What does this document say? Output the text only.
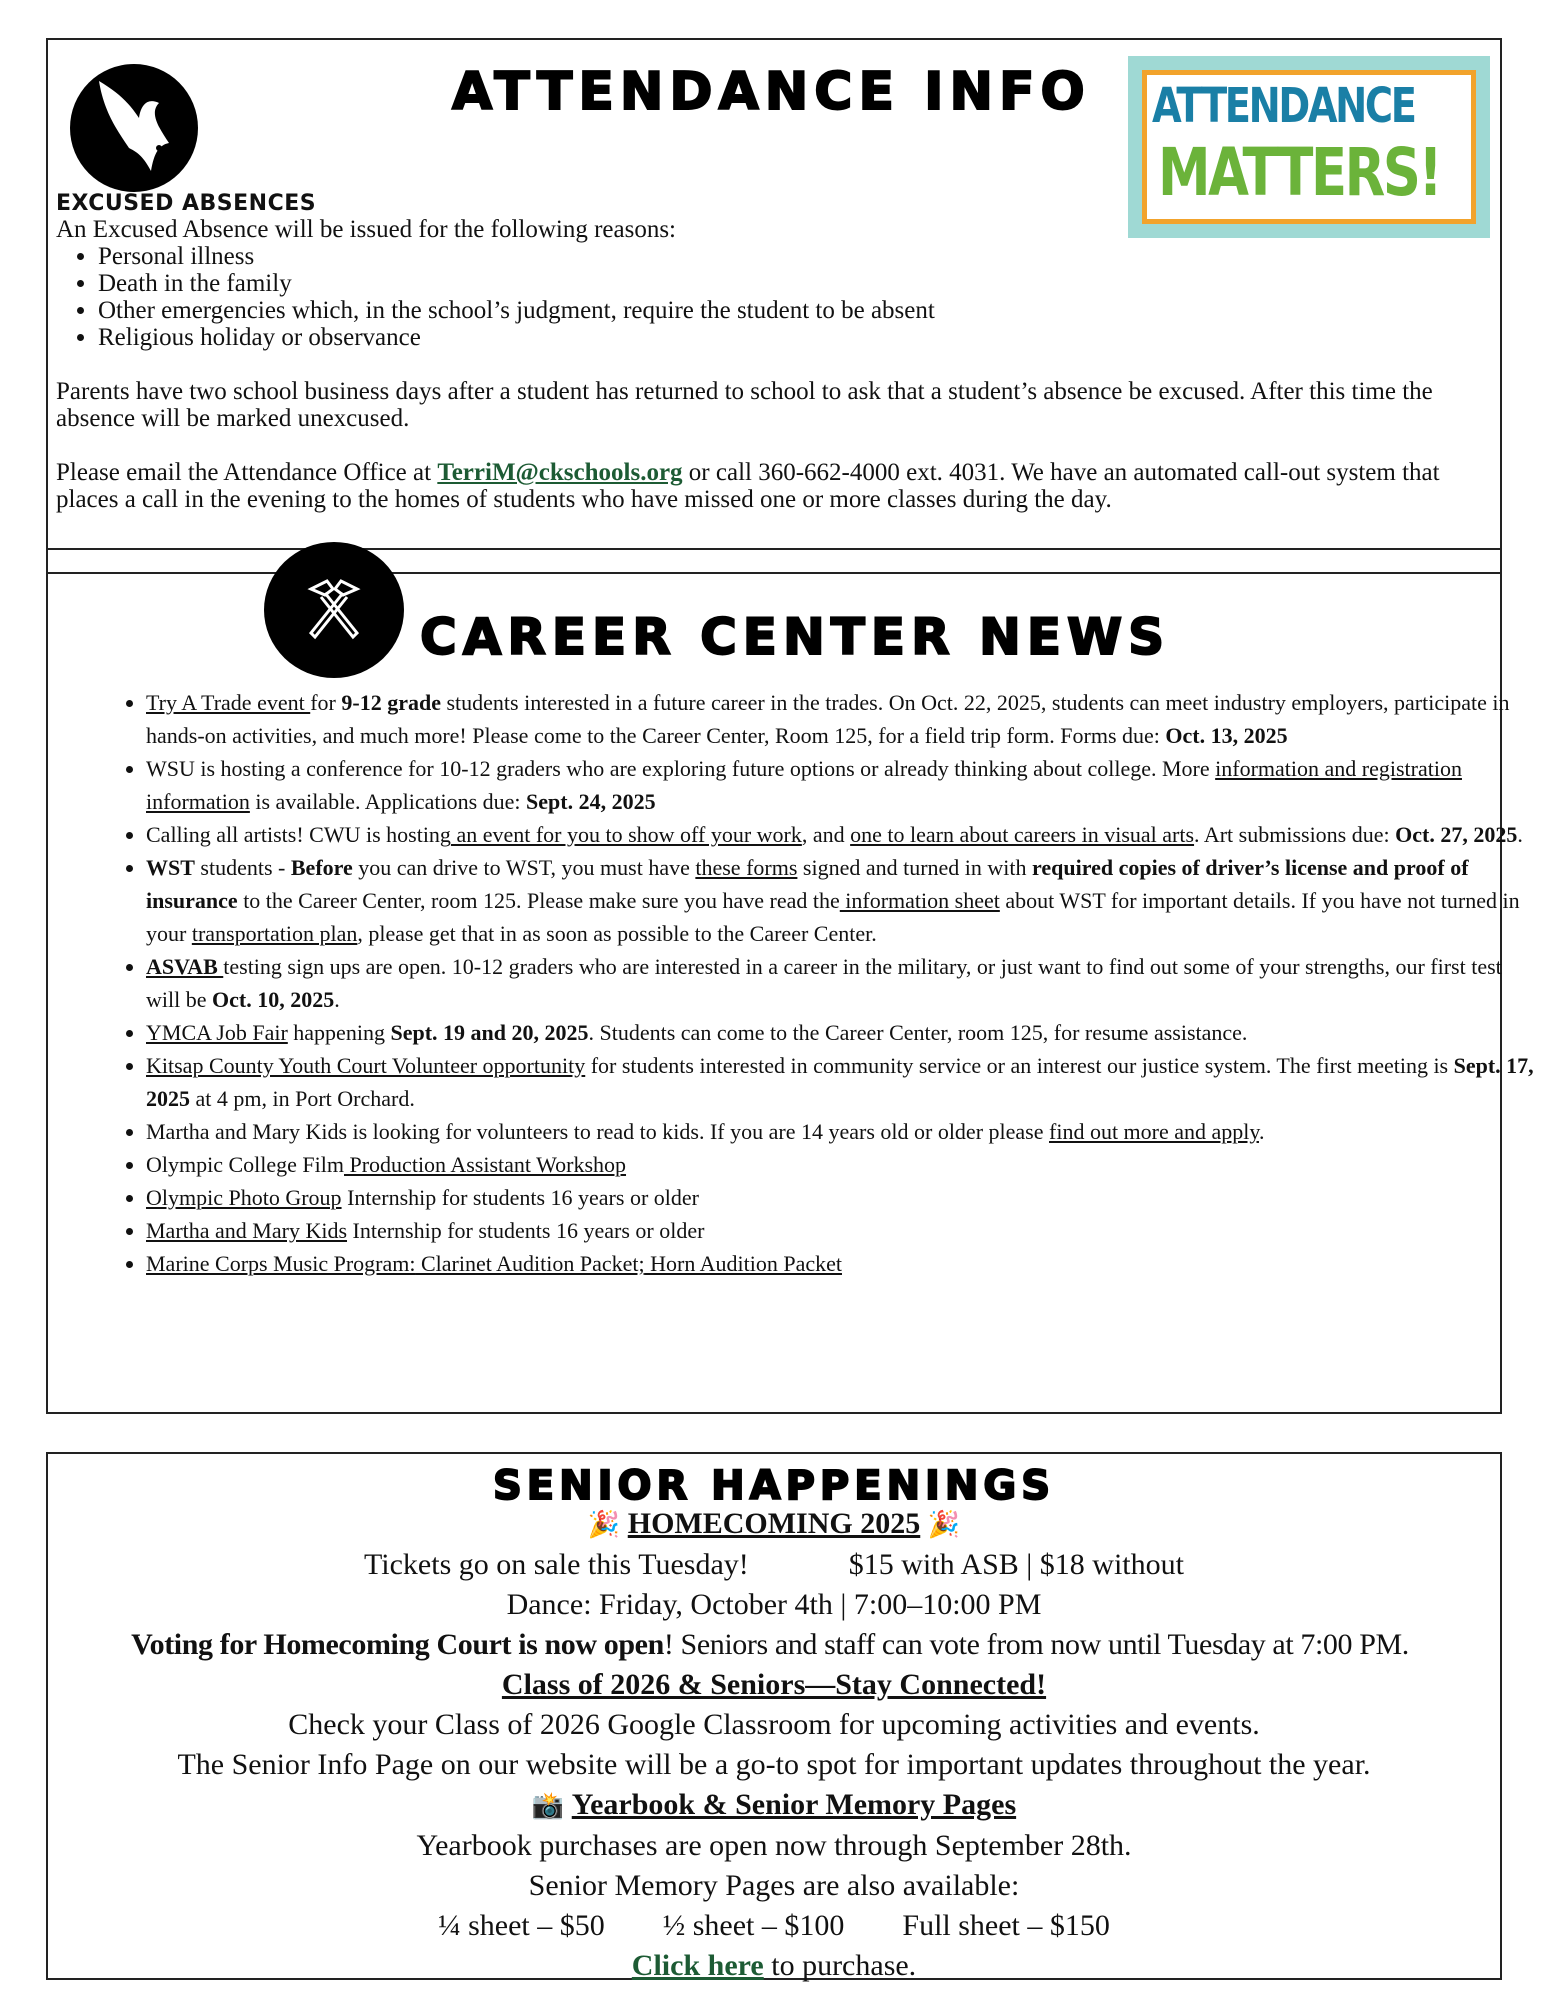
ATTENDANCE INFO ATTENDANCE
MATTERS!
EXCUSED ABSENCES
An Excused Absence will be issued for the following reasons:
• Personal illness
• Death in the family
• Other emergencies which, in the school’s judgment, require the student to be absent
• Religious holiday or observance

Parents have two school business days after a student has returned to school to ask that a student’s absence be excused. After this time the absence will be marked unexcused.

Please email the Attendance Office at TerriM@ckschools.org or call 360-662-4000 ext. 4031. We have an automated call-out system that places a call in the evening to the homes of students who have missed one or more classes during the day.

CAREER CENTER NEWS
• Try A Trade event for 9-12 grade students interested in a future career in the trades. On Oct. 22, 2025, students can meet industry employers, participate in hands-on activities, and much more! Please come to the Career Center, Room 125, for a field trip form. Forms due: Oct. 13, 2025
• WSU is hosting a conference for 10-12 graders who are exploring future options or already thinking about college. More information and registration information is available. Applications due: Sept. 24, 2025
• Calling all artists! CWU is hosting an event for you to show off your work, and one to learn about careers in visual arts. Art submissions due: Oct. 27, 2025.
• WST students - Before you can drive to WST, you must have these forms signed and turned in with required copies of driver’s license and proof of insurance to the Career Center, room 125. Please make sure you have read the information sheet about WST for important details. If you have not turned in your transportation plan, please get that in as soon as possible to the Career Center.
• ASVAB testing sign ups are open. 10-12 graders who are interested in a career in the military, or just want to find out some of your strengths, our first test will be Oct. 10, 2025.
• YMCA Job Fair happening Sept. 19 and 20, 2025. Students can come to the Career Center, room 125, for resume assistance.
• Kitsap County Youth Court Volunteer opportunity for students interested in community service or an interest our justice system. The first meeting is Sept. 17, 2025 at 4 pm, in Port Orchard.
• Martha and Mary Kids is looking for volunteers to read to kids. If you are 14 years old or older please find out more and apply.
• Olympic College Film Production Assistant Workshop
• Olympic Photo Group Internship for students 16 years or older
• Martha and Mary Kids Internship for students 16 years or older
• Marine Corps Music Program: Clarinet Audition Packet; Horn Audition Packet
SENIOR HAPPENINGS
🎉 HOMECOMING 2025 🎉
Tickets go on sale this Tuesday!	$15 with ASB | $18 without
Dance: Friday, October 4th | 7:00–10:00 PM
Voting for Homecoming Court is now open! Seniors and staff can vote from now until Tuesday at 7:00 PM.
Class of 2026 & Seniors—Stay Connected!
Check your Class of 2026 Google Classroom for upcoming activities and events.
The Senior Info Page on our website will be a go-to spot for important updates throughout the year.
📸 Yearbook & Senior Memory Pages
Yearbook purchases are open now through September 28th.
Senior Memory Pages are also available:
¼ sheet – $50 ½ sheet – $100 Full sheet – $150
Click here to purchase.
